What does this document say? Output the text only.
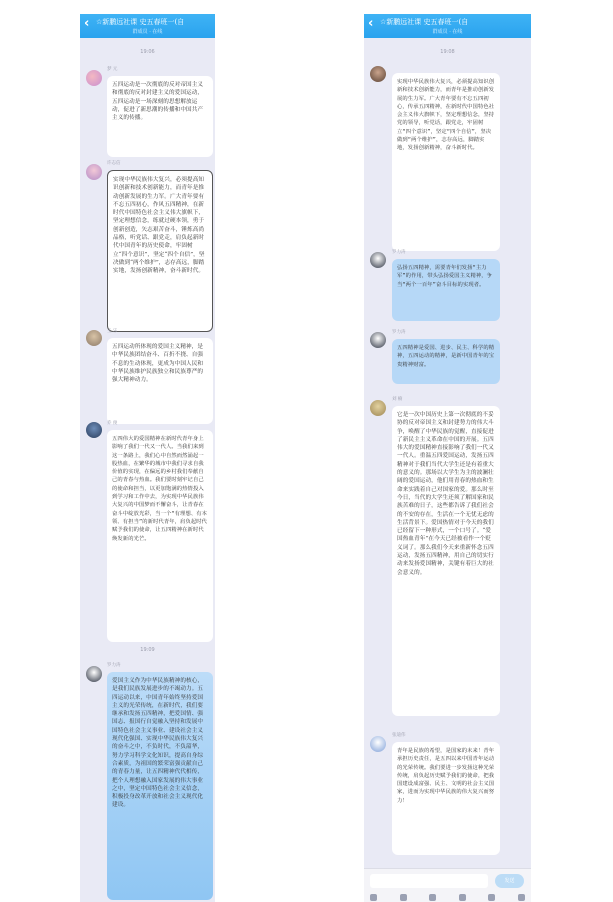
‹ ☆新鹏远社课 史五春班一(自
群成员 · 在线
19:06
梦 元

五四运动是一次彻底的反对帝国主义和彻底的反对封建主义的爱国运动，五四运动是一场深刻的思想解放运动，促进了新思潮的传播和中国共产主义的传播。

许志信

实现中华民族伟大复兴，必须提高知识创新和技术创新能力，而青年是推动创新发展的生力军。广大青年要有不忘五四初心，作风五四精神，在新时代中国特色社会主义伟大旗帜下，坚定理想信念，练就过硬本领，勇于创新创造，矢志艰苦奋斗，锤炼高尚品格，听党话、跟党走，肩负起新时代中国青年的历史使命，牢固树立“四个意识”，坚定“四个自信”，坚决做到“两个维护”，志存高远，脚踏实地，发扬创新精神，奋斗新时代。

王 乐

五四运动所体现的爱国主义精神，是中华民族团结奋斗、百折不挠、自强不息的生动体现，更成为中国人民和中华民族维护民族独立和民族尊严的强大精神动力。

乔 俊

五四伟大的爱国精神在新时代青年身上影响了我们一代又一代人。当我们来到这一条路上，我们心中自然而然涌起一股热血，在繁华的城市中我们寻求自我价值的实现，在偏远的乡村我们奉献自己的青春与热血。我们要时刻牢记自己的使命和担当，以更加饱满的热情投入到学习和工作中去，为实现中华民族伟大复兴的中国梦而不懈奋斗，让青春在奋斗中绽放光彩，当一个“有理想、有本领、有担当”的新时代青年，肩负起时代赋予我们的使命，让五四精神在新时代焕发新的光芒。

19:09
罗力涛

爱国主义作为中华民族精神的核心，是我们民族发展进步的不竭动力。五四运动以来，中国青年始终坚持爱国主义的光荣传统，在新时代，我们要继承和发扬五四精神，把爱国情、强国志、报国行自觉融入坚持和发展中国特色社会主义事业、建设社会主义现代化强国、实现中华民族伟大复兴的奋斗之中，不负时代，不负韶华，努力学习科学文化知识，提高自身综合素质，为祖国的繁荣富强贡献自己的青春力量，让五四精神代代相传，把个人理想融入国家发展的伟大事业之中，坚定中国特色社会主义信念，积极投身改革开放和社会主义现代化建设。

‹ ☆新鹏远社课 史五春班一(自
群成员 · 在线
19:08

实现中华民族伟大复兴，必须提高知识创新和技术创新能力，而青年是推动创新发展的生力军。广大青年要有不忘五四初心，传承五四精神，在新时代中国特色社会主义伟大旗帜下，坚定理想信念，坚持党的领导，听党话，跟党走，牢固树立“四个意识”，坚定“四个自信”，坚决做到“两个维护”，志存高远，脚踏实地，发扬创新精神，奋斗新时代。

罗力涛

弘扬五四精神，需要青年们发扬“主力军”的作用，带头弘扬爱国主义精神，争当“两个一百年”奋斗目标的实现者。

罗力涛

五四精神是爱国、进步、民主、科学的精神，五四运动的精神，是新中国青年的宝贵精神财富。

刘 楠

它是一次中国历史上第一次彻底的不妥协的反对帝国主义和封建势力的伟大斗争，唤醒了中华民族的觉醒，直接促进了新民主主义革命在中国的开展。五四伟大的爱国精神直接影响了我们一代又一代人。重温五四爱国运动，发扬五四精神对于我们当代大学生还是有着重大的意义的。那场以大学生为主的波澜壮阔的爱国运动，他们用青春的热血和生命来实践着自己对国家的爱。那么时至今日，当代的大学生还须了解国家和民族苦难的日子，这些都告诉了我们社会的不安的存在，生活在一个无忧无虑的生活背景下。爱国热情对于今天的我们已经留下一种形式，一个口号了。“爱国热血青年”在今天已经被看作一个贬义词了。那么我们今天来重新怀念五四运动，发扬五四精神，用自己的切实行动来发扬爱国精神，关键有着巨大的社会意义的。

张迪伟

青年是民族的希望，是国家的未来！青年承担历史责任，是五四以来中国青年运动的光荣传统。我们要进一步发扬这种光荣传统，肩负起历史赋予我们的使命，把我国建设成富强、民主、文明的社会主义国家，进而为实现中华民族的伟大复兴而努力！

发送
